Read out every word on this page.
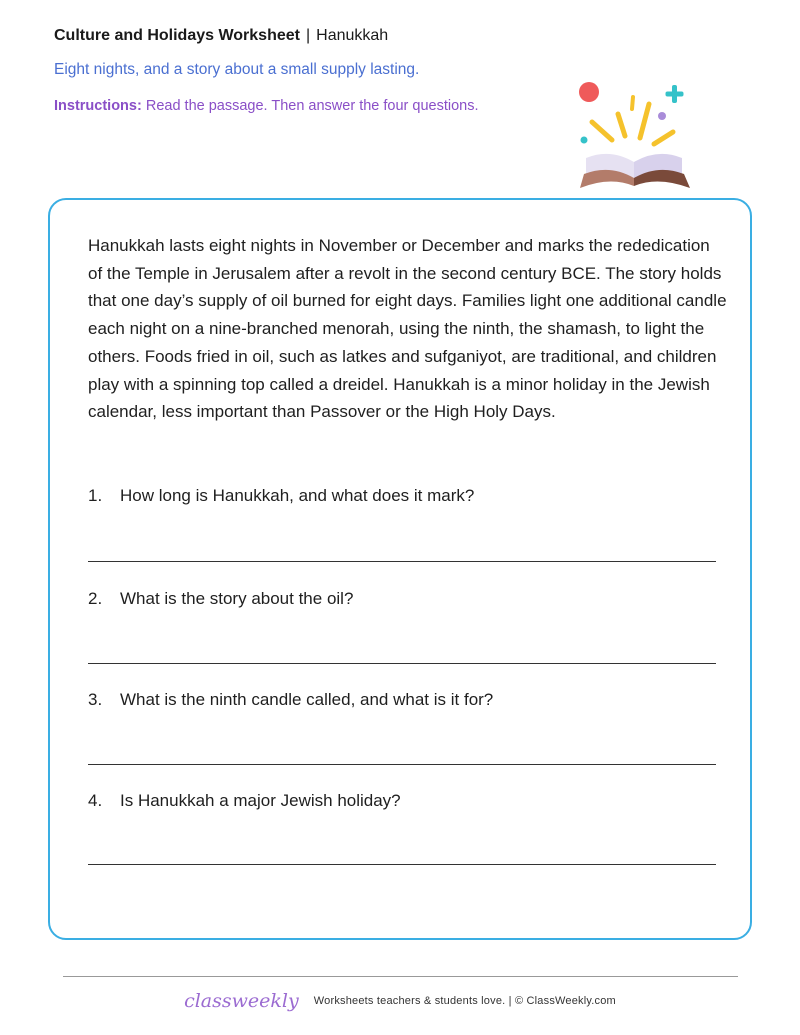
Culture and Holidays Worksheet | Hanukkah
Eight nights, and a story about a small supply lasting.
Instructions: Read the passage. Then answer the four questions.

Hanukkah lasts eight nights in November or December and marks the rededication of the Temple in Jerusalem after a revolt in the second century BCE. The story holds that one day’s supply of oil burned for eight days. Families light one additional candle each night on a nine-branched menorah, using the ninth, the shamash, to light the others. Foods fried in oil, such as latkes and sufganiyot, are traditional, and children play with a spinning top called a dreidel. Hanukkah is a minor holiday in the Jewish calendar, less important than Passover or the High Holy Days.

1. How long is Hanukkah, and what does it mark?
2. What is the story about the oil?
3. What is the ninth candle called, and what is it for?
4. Is Hanukkah a major Jewish holiday?
classweekly Worksheets teachers & students love. | © ClassWeekly.com
